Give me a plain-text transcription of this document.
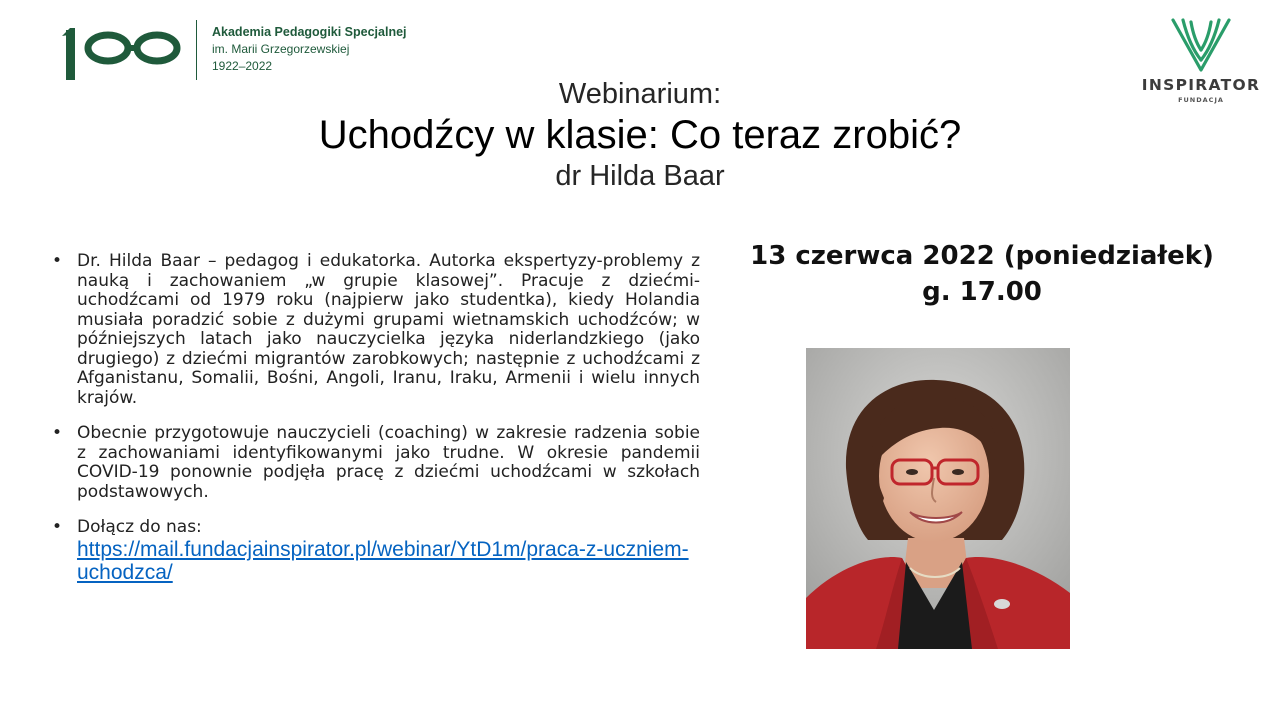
Akademia Pedagogiki Specjalnej
im. Marii Grzegorzewskiej
1922–2022
INSPIRATOR
FUNDACJA
Webinarium:
Uchodźcy w klasie: Co teraz zrobić?
dr Hilda Baar
• Dr. Hilda Baar – pedagog i edukatorka. Autorka ekspertyzy-problemy z nauką i zachowaniem „w grupie klasowej”. Pracuje z dziećmi-uchodźcami od 1979 roku (najpierw jako studentka), kiedy Holandia musiała poradzić sobie z dużymi grupami wietnamskich uchodźców; w późniejszych latach jako nauczycielka języka niderlandzkiego (jako drugiego) z dziećmi migrantów zarobkowych; następnie z uchodźcami z Afganistanu, Somalii, Bośni, Angoli, Iranu, Iraku, Armenii i wielu innych krajów.
• Obecnie przygotowuje nauczycieli (coaching) w zakresie radzenia sobie z zachowaniami identyfikowanymi jako trudne. W okresie pandemii COVID-19 ponownie podjęła pracę z dziećmi uchodźcami w szkołach podstawowych.
• Dołącz do nas:
https://mail.fundacjainspirator.pl/webinar/YtD1m/praca-z-uczniem-uchodzca/
13 czerwca 2022 (poniedziałek)
g. 17.00
